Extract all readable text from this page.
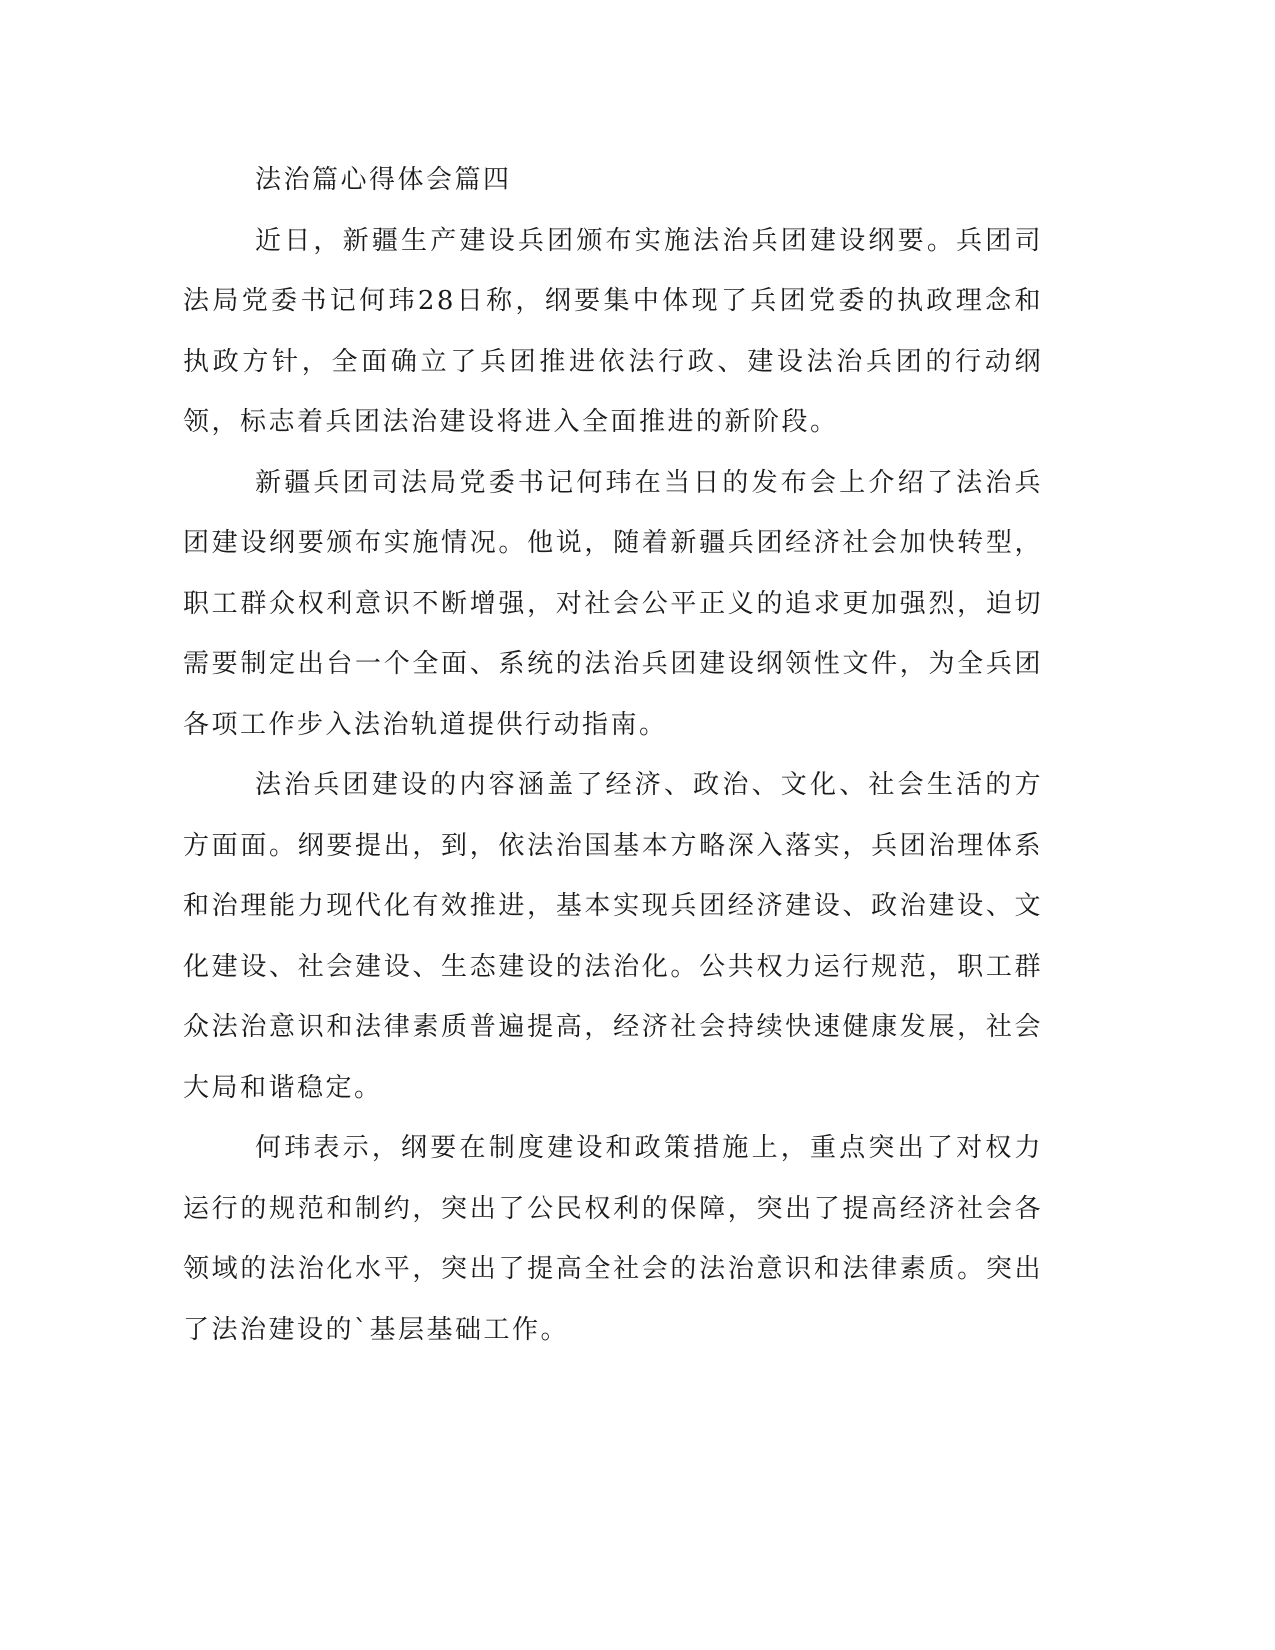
法治篇心得体会篇四

近日，新疆生产建设兵团颁布实施法治兵团建设纲要。兵团司法局党委书记何玮28日称，纲要集中体现了兵团党委的执政理念和执政方针，全面确立了兵团推进依法行政、建设法治兵团的行动纲领，标志着兵团法治建设将进入全面推进的新阶段。

新疆兵团司法局党委书记何玮在当日的发布会上介绍了法治兵团建设纲要颁布实施情况。他说，随着新疆兵团经济社会加快转型，职工群众权利意识不断增强，对社会公平正义的追求更加强烈，迫切需要制定出台一个全面、系统的法治兵团建设纲领性文件，为全兵团各项工作步入法治轨道提供行动指南。

法治兵团建设的内容涵盖了经济、政治、文化、社会生活的方方面面。纲要提出，到，依法治国基本方略深入落实，兵团治理体系和治理能力现代化有效推进，基本实现兵团经济建设、政治建设、文化建设、社会建设、生态建设的法治化。公共权力运行规范，职工群众法治意识和法律素质普遍提高，经济社会持续快速健康发展，社会大局和谐稳定。

何玮表示，纲要在制度建设和政策措施上，重点突出了对权力运行的规范和制约，突出了公民权利的保障，突出了提高经济社会各领域的法治化水平，突出了提高全社会的法治意识和法律素质。突出了法治建设的`基层基础工作。
